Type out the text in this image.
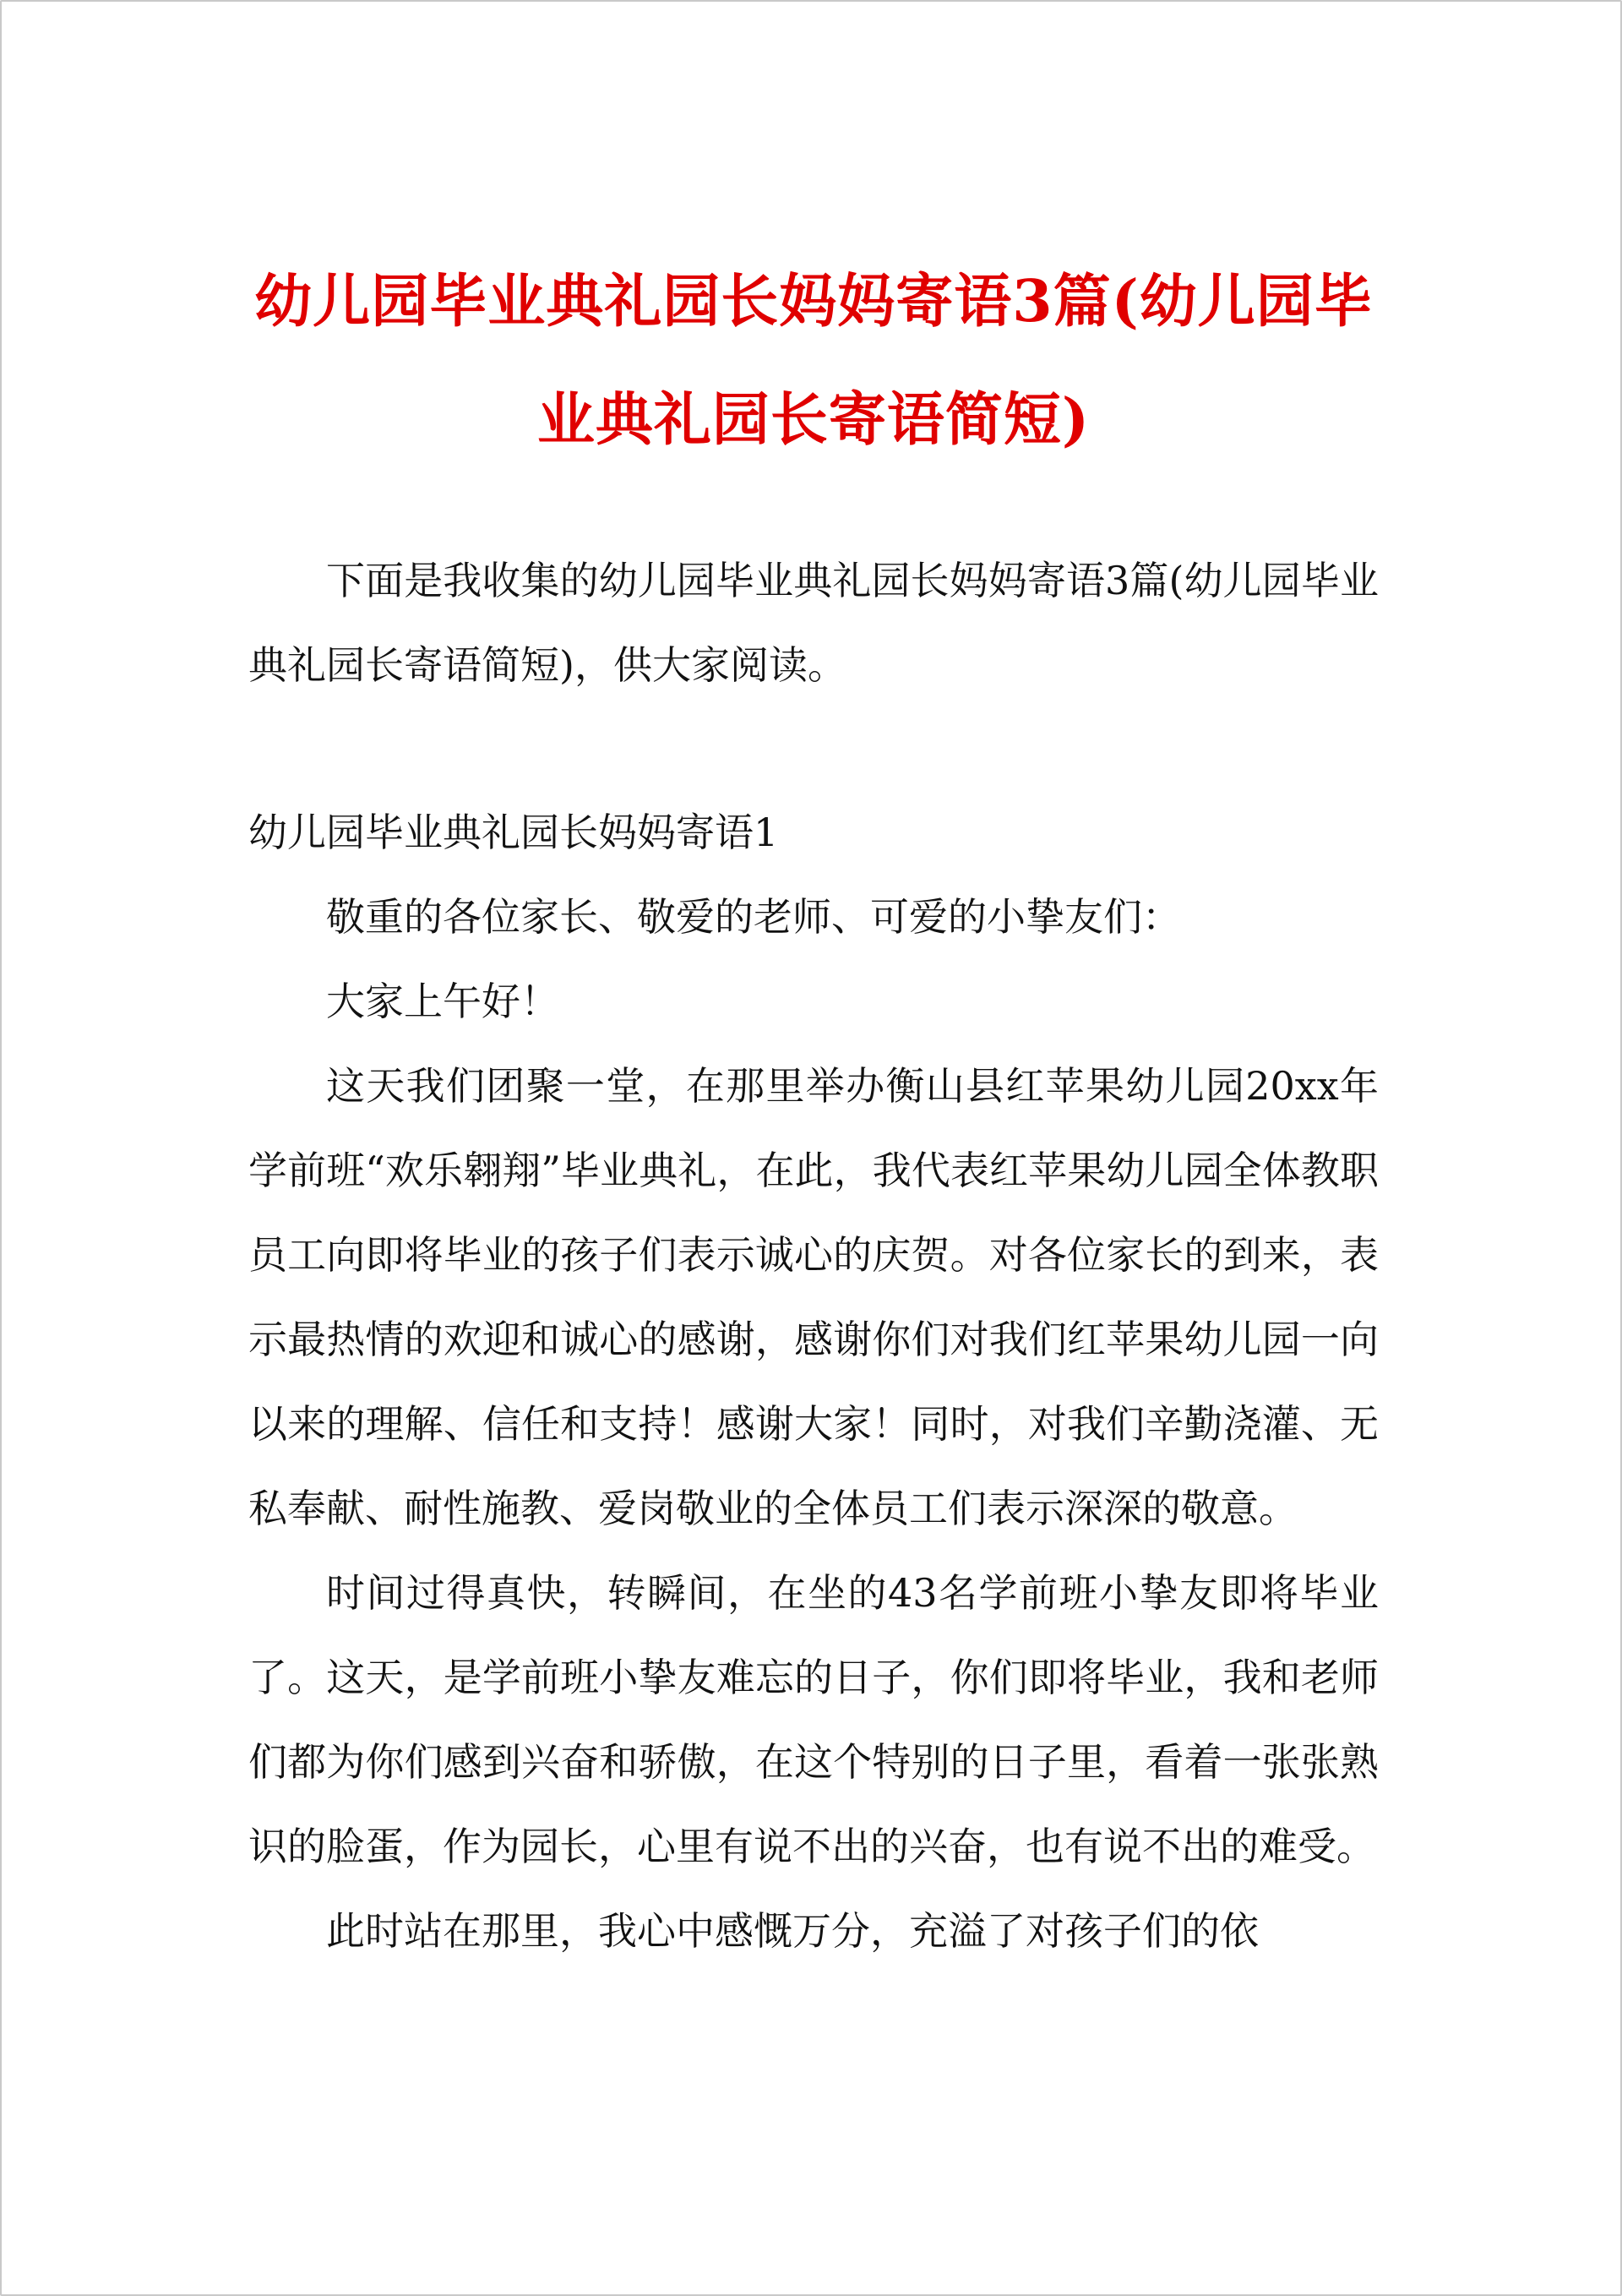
幼儿园毕业典礼园长妈妈寄语3篇(幼儿园毕业典礼园长寄语简短)

下面是我收集的幼儿园毕业典礼园长妈妈寄语3篇(幼儿园毕业典礼园长寄语简短)，供大家阅读。

幼儿园毕业典礼园长妈妈寄语1

敬重的各位家长、敬爱的老师、可爱的小挚友们：

大家上午好！

这天我们团聚一堂，在那里举办衡山县红苹果幼儿园20xx年学前班“欢乐翱翔”毕业典礼，在此，我代表红苹果幼儿园全体教职员工向即将毕业的孩子们表示诚心的庆贺。对各位家长的到来，表示最热情的欢迎和诚心的感谢，感谢你们对我们红苹果幼儿园一向以来的理解、信任和支持！感谢大家！同时，对我们辛勤浇灌、无私奉献、耐性施教、爱岗敬业的全体员工们表示深深的敬意。

时间过得真快，转瞬间，在坐的43名学前班小挚友即将毕业了。这天，是学前班小挚友难忘的日子，你们即将毕业，我和老师们都为你们感到兴奋和骄傲，在这个特别的日子里，看着一张张熟识的脸蛋，作为园长，心里有说不出的兴奋，也有说不出的难受。

此时站在那里，我心中感慨万分，充溢了对孩子们的依
